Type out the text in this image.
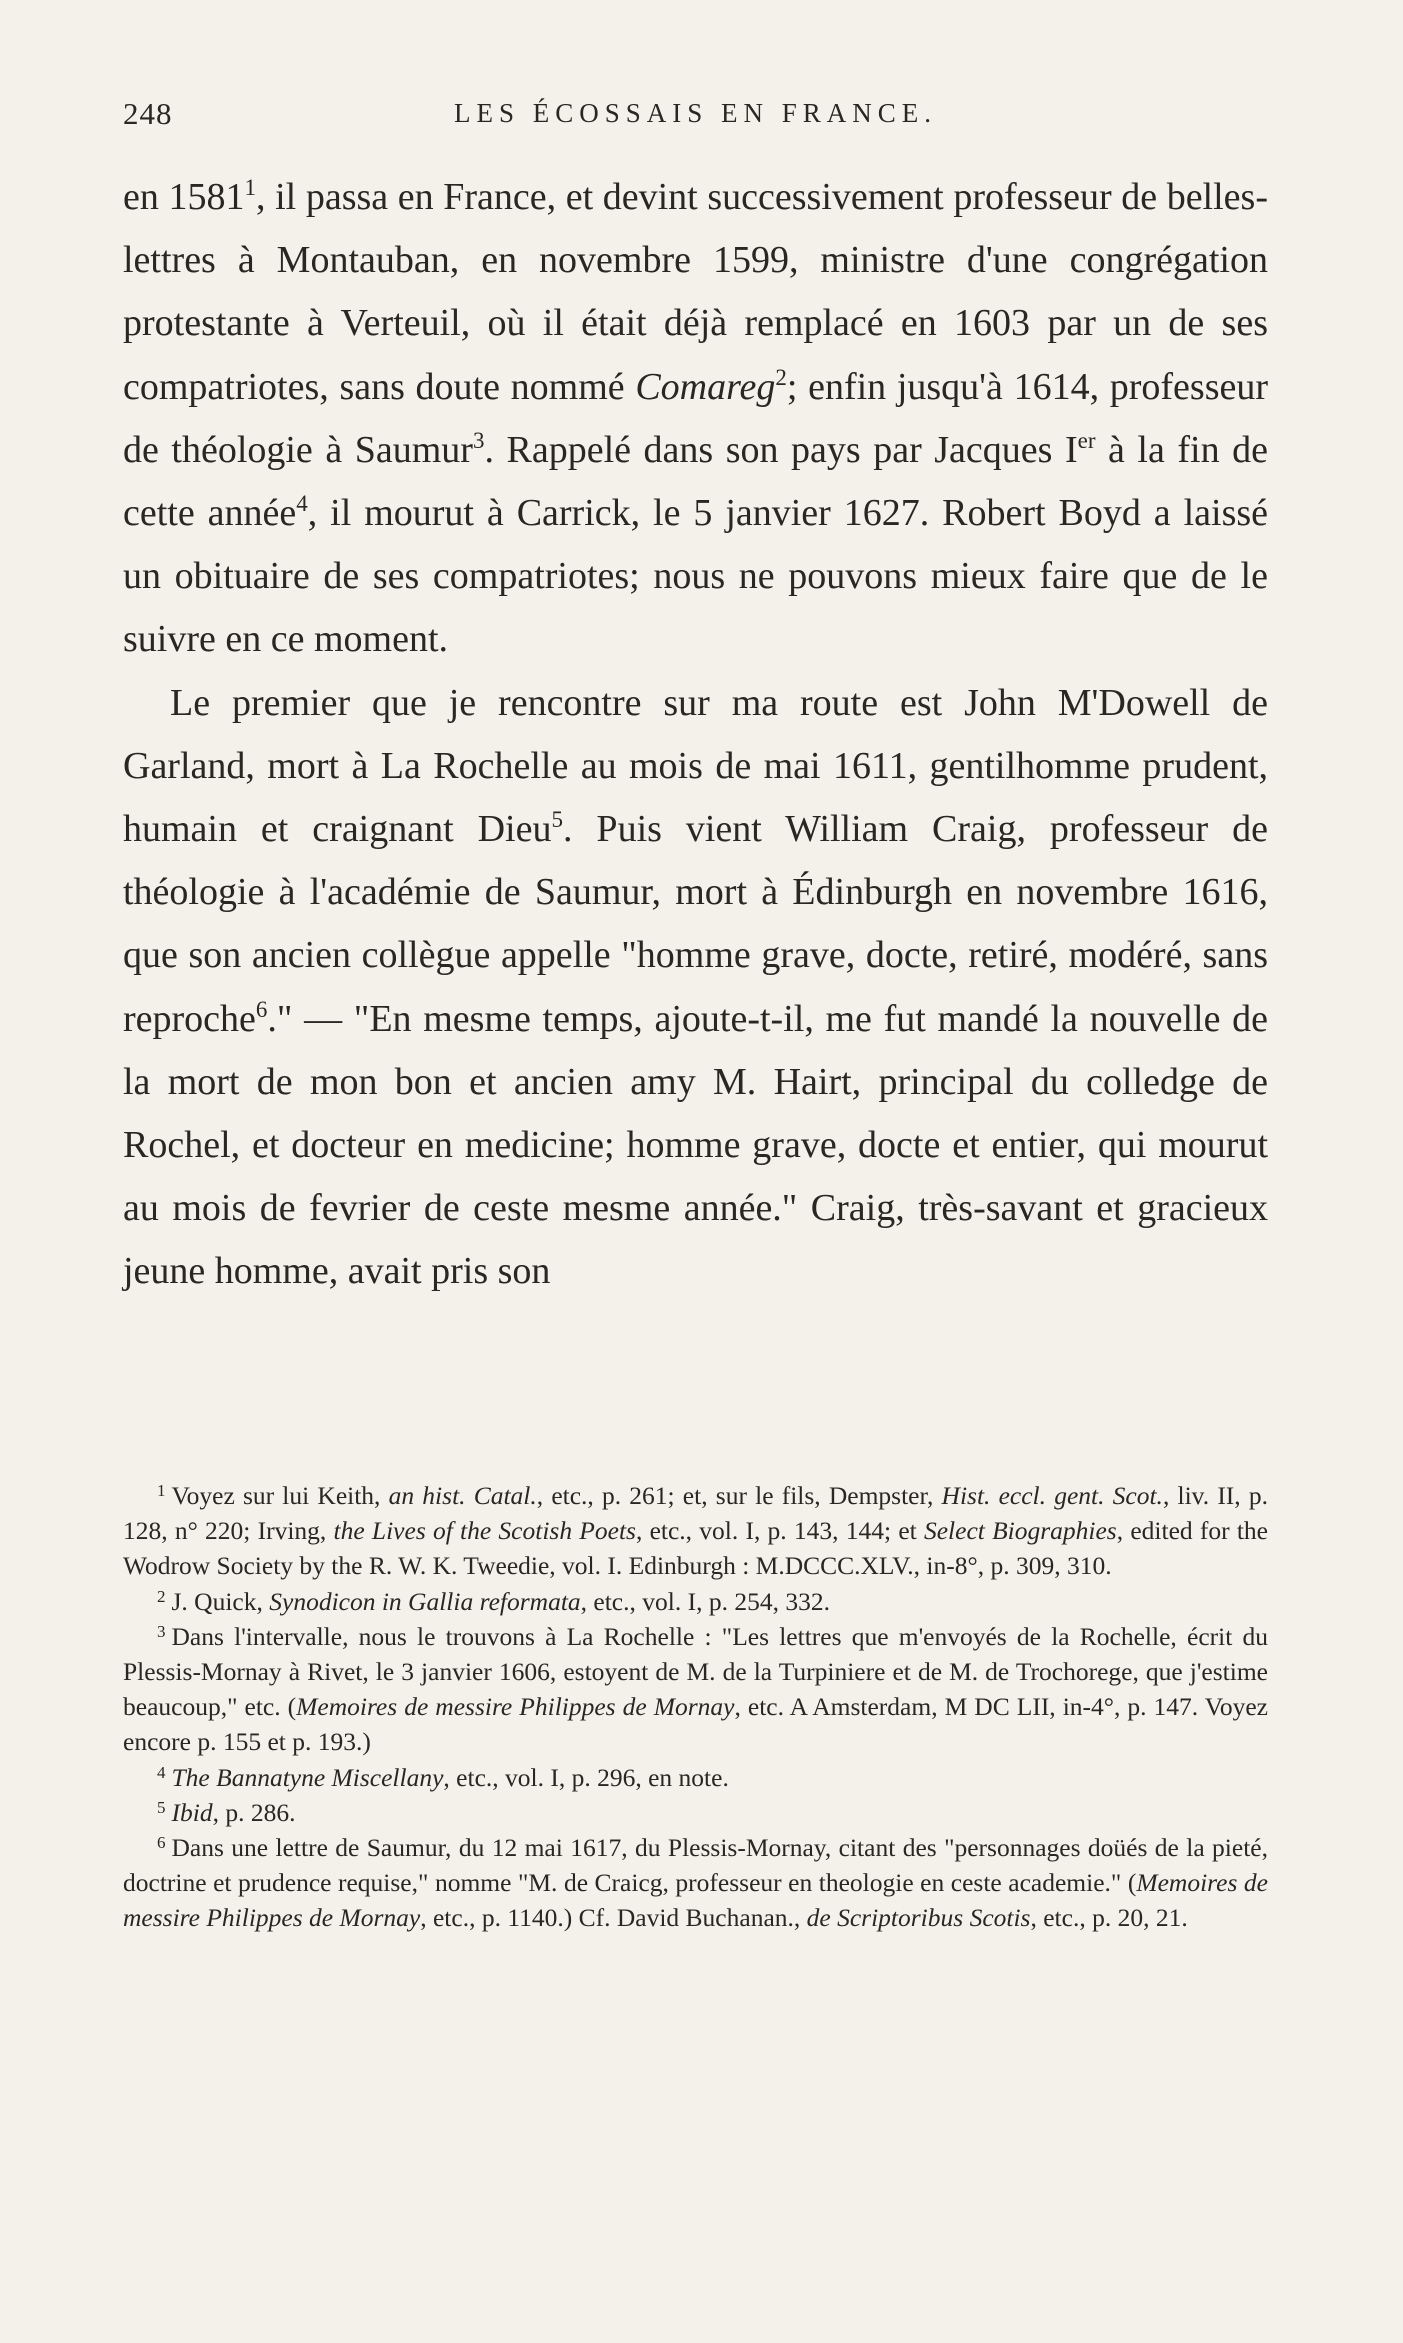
248	LES ÉCOSSAIS EN FRANCE.

en 1581$^1$, il passa en France, et devint successivement professeur de belles-lettres à Montauban, en novembre 1599, ministre d'une congrégation protestante à Verteuil, où il était déjà remplacé en 1603 par un de ses compatriotes, sans doute nommé Comareg$^2$; enfin jusqu'à 1614, professeur de théologie à Saumur$^3$. Rappelé dans son pays par Jacques Ier à la fin de cette année$^4$, il mourut à Carrick, le 5 janvier 1627. Robert Boyd a laissé un obituaire de ses compatriotes; nous ne pouvons mieux faire que de le suivre en ce moment.

Le premier que je rencontre sur ma route est John M'Dowell de Garland, mort à La Rochelle au mois de mai 1611, gentilhomme prudent, humain et craignant Dieu$^5$. Puis vient William Craig, professeur de théologie à l'académie de Saumur, mort à Édinburgh en novembre 1616, que son ancien collègue appelle "homme grave, docte, retiré, modéré, sans reproche$^6$." — "En mesme temps, ajoute-t-il, me fut mandé la nouvelle de la mort de mon bon et ancien amy M. Hairt, principal du colledge de Rochel, et docteur en medicine; homme grave, docte et entier, qui mourut au mois de fevrier de ceste mesme année." Craig, très-savant et gracieux jeune homme, avait pris son

$^1$ Voyez sur lui Keith, an hist. Catal., etc., p. 261; et, sur le fils, Dempster, Hist. eccl. gent. Scot., liv. II, p. 128, n° 220; Irving, the Lives of the Scotish Poets, etc., vol. I, p. 143, 144; et Select Biographies, edited for the Wodrow Society by the R. W. K. Tweedie, vol. I. Edinburgh : M.DCCC.XLV., in-8°, p. 309, 310.

$^2$ J. Quick, Synodicon in Gallia reformata, etc., vol. I, p. 254, 332.

$^3$ Dans l'intervalle, nous le trouvons à La Rochelle : "Les lettres que m'envoyés de la Rochelle, écrit du Plessis-Mornay à Rivet, le 3 janvier 1606, estoyent de M. de la Turpiniere et de M. de Trochorege, que j'estime beaucoup," etc. (Memoires de messire Philippes de Mornay, etc. A Amsterdam, M DC LII, in-4°, p. 147. Voyez encore p. 155 et p. 193.)

$^4$ The Bannatyne Miscellany, etc., vol. I, p. 296, en note.

$^5$ Ibid, p. 286.

$^6$ Dans une lettre de Saumur, du 12 mai 1617, du Plessis-Mornay, citant des "personnages doüés de la pieté, doctrine et prudence requise," nomme "M. de Craicg, professeur en theologie en ceste academie." (Memoires de messire Philippes de Mornay, etc., p. 1140.) Cf. David Buchanan., de Scriptoribus Scotis, etc., p. 20, 21.
